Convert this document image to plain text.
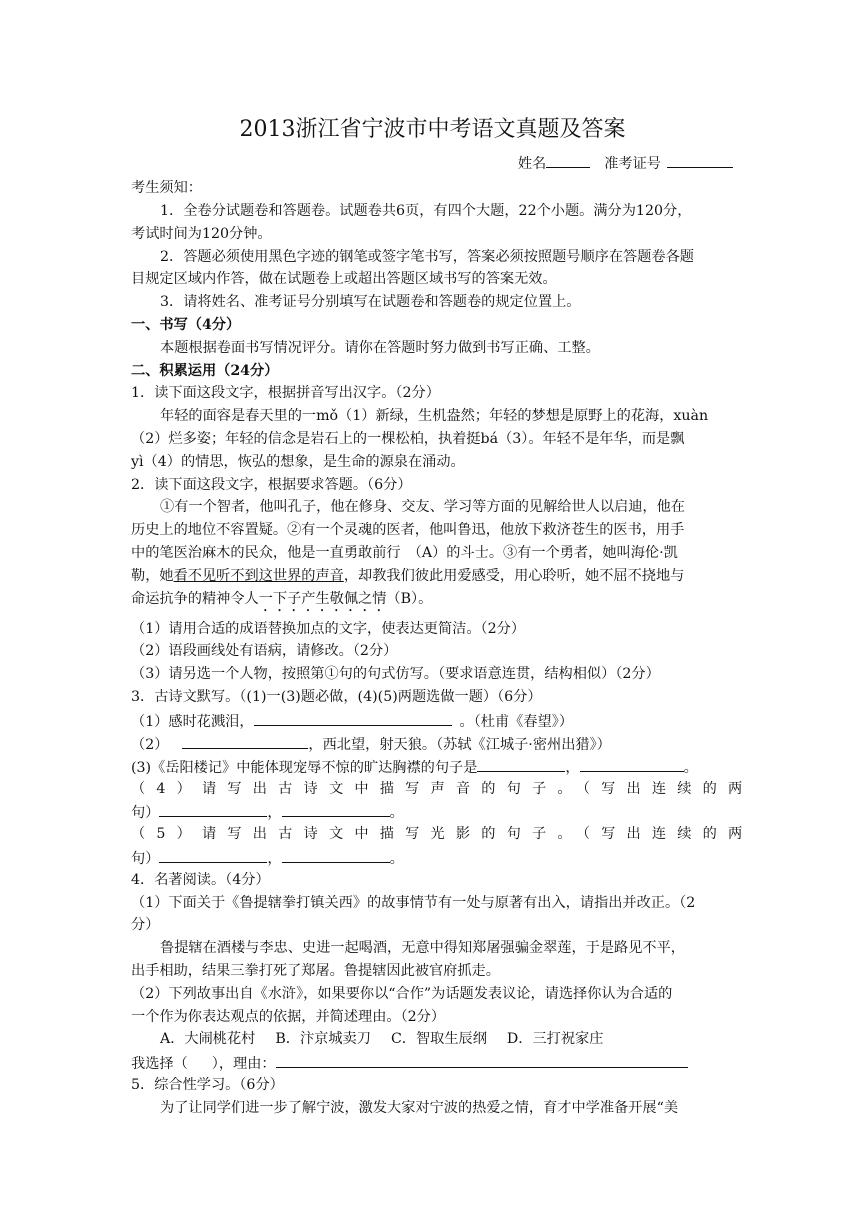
2013浙江省宁波市中考语文真题及答案
姓名	准考证号
考生须知：
1．全卷分试题卷和答题卷。试题卷共6页，有四个大题，22个小题。满分为120分，
考试时间为120分钟。
2．答题必须使用黑色字迹的钢笔或签字笔书写，答案必须按照题号顺序在答题卷各题
目规定区域内作答，做在试题卷上或超出答题区域书写的答案无效。
3．请将姓名、准考证号分别填写在试题卷和答题卷的规定位置上。
一、书写（4分）
本题根据卷面书写情况评分。请你在答题时努力做到书写正确、工整。
二、积累运用（24分）
1．读下面这段文字，根据拼音写出汉字。（2分）
年轻的面容是春天里的一mǒ（1）新绿，生机盎然；年轻的梦想是原野上的花海，xuàn
（2）烂多姿；年轻的信念是岩石上的一棵松柏，执着挺bá（3）。年轻不是年华，而是飘
yì（4）的情思，恢弘的想象，是生命的源泉在涌动。
2．读下面这段文字，根据要求答题。（6分）
①有一个智者，他叫孔子，他在修身、交友、学习等方面的见解给世人以启迪，他在
历史上的地位不容置疑。②有一个灵魂的医者，他叫鲁迅，他放下救济苍生的医书，用手
中的笔医治麻木的民众，他是一直勇敢前行　（A）的斗士。③有一个勇者，她叫海伦·凯
勒，她看不见听不到这世界的声音，却教我们彼此用爱感受，用心聆听，她不屈不挠地与
命运抗争的精神令人一下子产生敬佩之情（B）。
（1）请用合适的成语替换加点的文字，使表达更简洁。（2分）
（2）语段画线处有语病，请修改。（2分）
（3）请另选一个人物，按照第①句的句式仿写。（要求语意连贯，结构相似）（2分）
3．古诗文默写。（(1)一(3)题必做，(4)(5)两题选做一题）（6分）
（1）感时花溅泪，	。（杜甫《春望》）
（2）	，西北望，射天狼。（苏轼《江城子·密州出猎》）
(3)《岳阳楼记》中能体现宠辱不惊的旷达胸襟的句子是	，	。
（4）请写出古诗文中描写声音的句子。（写出连续的两
句）	，	。
（5）请写出古诗文中描写光影的句子。（写出连续的两
句）	，	。
4．名著阅读。（4分）
（1）下面关于《鲁提辖拳打镇关西》的故事情节有一处与原著有出入，请指出并改正。（2
分）
鲁提辖在酒楼与李忠、史进一起喝酒，无意中得知郑屠强骗金翠莲，于是路见不平，
出手相助，结果三拳打死了郑屠。鲁提辖因此被官府抓走。
（2）下列故事出自《水浒》，如果要你以“合作”为话题发表议论，请选择你认为合适的
一个作为你表达观点的依据，并简述理由。（2分）
A．大闹桃花村 B．汴京城卖刀 C．智取生辰纲 D．三打祝家庄
我选择（ ），理由：
5．综合性学习。（6分）
为了让同学们进一步了解宁波，激发大家对宁波的热爱之情，育才中学准备开展“美
